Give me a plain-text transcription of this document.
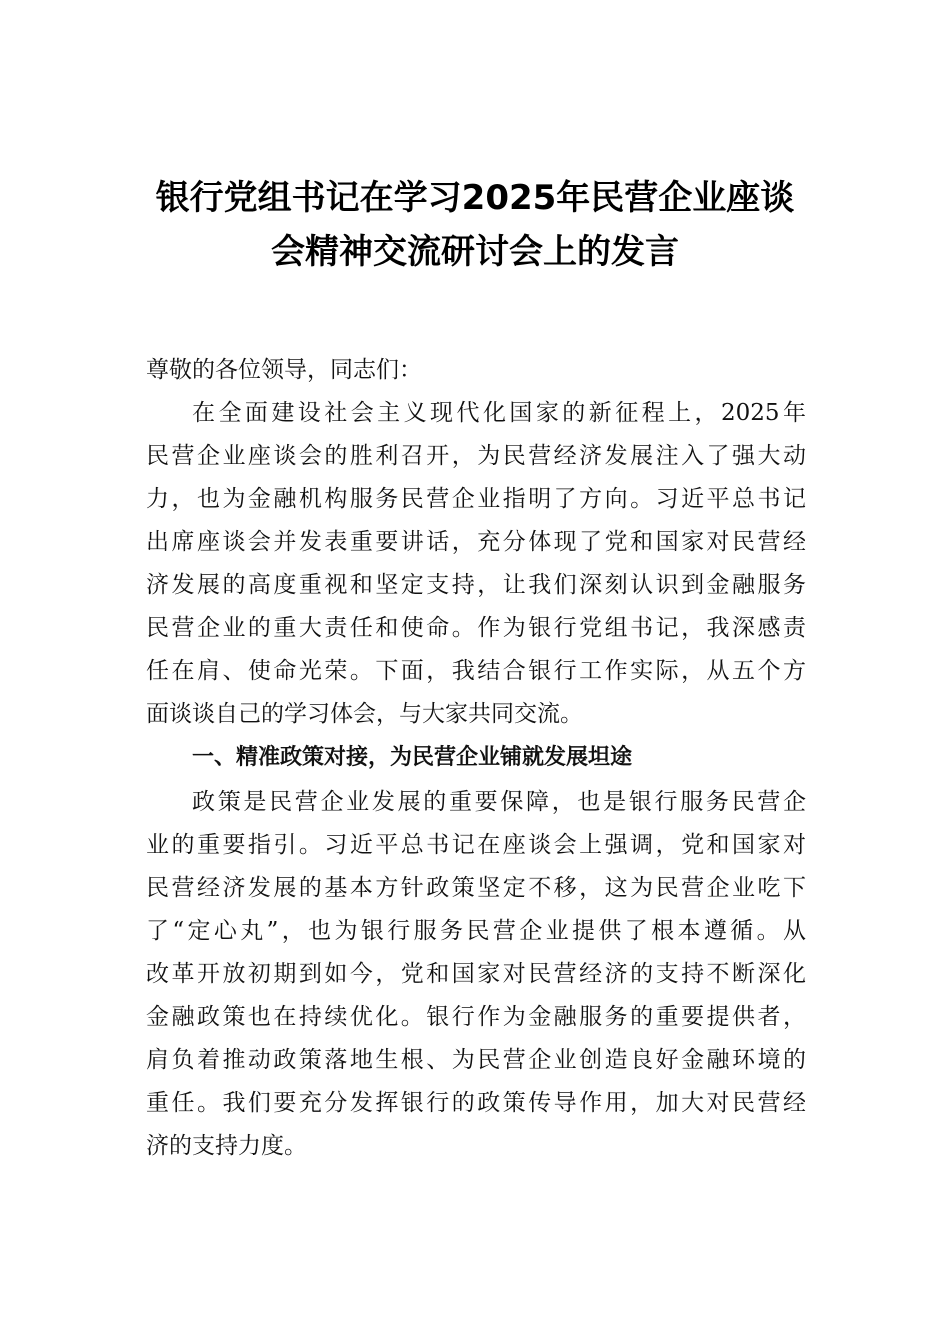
银行党组书记在学习2025年民营企业座谈
会精神交流研讨会上的发言
尊敬的各位领导，同志们：
在全面建设社会主义现代化国家的新征程上，2025年
民营企业座谈会的胜利召开，为民营经济发展注入了强大动
力，也为金融机构服务民营企业指明了方向。习近平总书记
出席座谈会并发表重要讲话，充分体现了党和国家对民营经
济发展的高度重视和坚定支持，让我们深刻认识到金融服务
民营企业的重大责任和使命。作为银行党组书记，我深感责
任在肩、使命光荣。下面，我结合银行工作实际，从五个方
面谈谈自己的学习体会，与大家共同交流。
一、精准政策对接，为民营企业铺就发展坦途
政策是民营企业发展的重要保障，也是银行服务民营企
业的重要指引。习近平总书记在座谈会上强调，党和国家对
民营经济发展的基本方针政策坚定不移，这为民营企业吃下
了“定心丸”，也为银行服务民营企业提供了根本遵循。从
改革开放初期到如今，党和国家对民营经济的支持不断深化
金融政策也在持续优化。银行作为金融服务的重要提供者，
肩负着推动政策落地生根、为民营企业创造良好金融环境的
重任。我们要充分发挥银行的政策传导作用，加大对民营经
济的支持力度。
